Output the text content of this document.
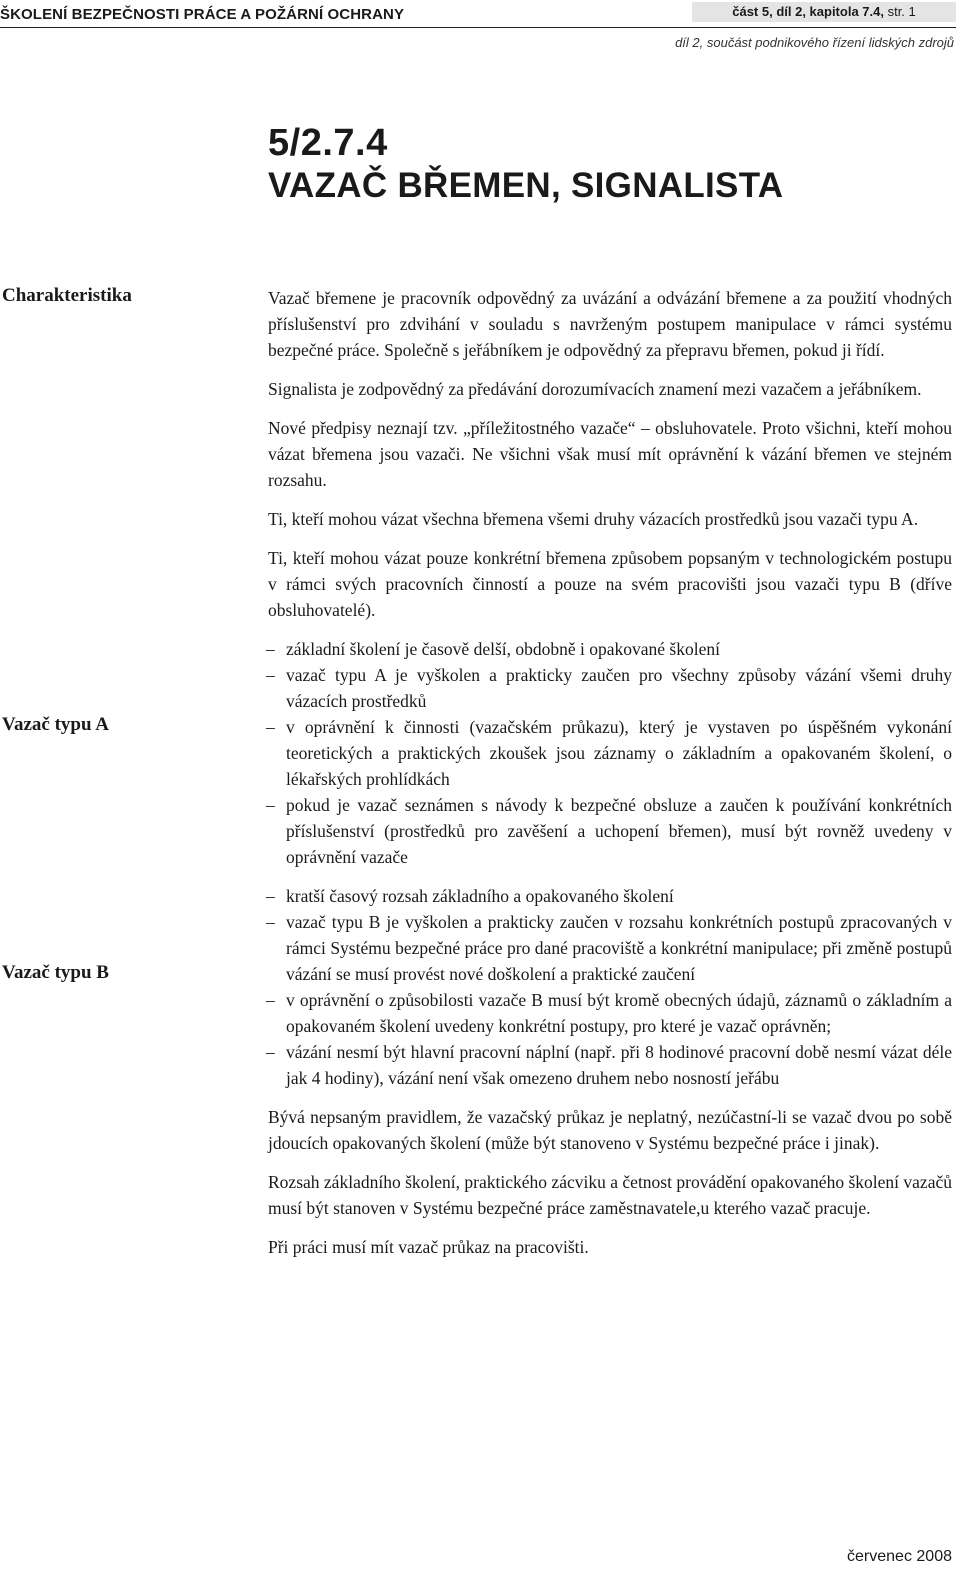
ŠKOLENÍ BEZPEČNOSTI PRÁCE A POŽÁRNÍ OCHRANY	část 5, díl 2, kapitola 7.4, str. 1
díl 2, součást podnikového řízení lidských zdrojů
5/2.7.4
VAZAČ BŘEMEN, SIGNALISTA
Charakteristika
Vazač typu A
Vazač typu B

Vazač břemene je pracovník odpovědný za uvázání a odvázání břemene a za použití vhodných příslušenství pro zdvihání v souladu s navrženým postupem manipulace v rámci systému bezpečné práce. Společně s jeřábníkem je odpovědný za přepravu břemen, pokud ji řídí.

Signalista je zodpovědný za předávání dorozumívacích znamení mezi vazačem a jeřábníkem.

Nové předpisy neznají tzv. „příležitostného vazače“ – obsluhovatele. Proto všichni, kteří mohou vázat břemena jsou vazači. Ne všichni však musí mít oprávnění k vázání břemen ve stejném rozsahu.

Ti, kteří mohou vázat všechna břemena všemi druhy vázacích prostředků jsou vazači typu A.

Ti, kteří mohou vázat pouze konkrétní břemena způsobem popsaným v technologickém postupu v rámci svých pracovních činností a pouze na svém pracovišti jsou vazači typu B (dříve obsluhovatelé).

– základní školení je časově delší, obdobně i opakované školení
– vazač typu A je vyškolen a prakticky zaučen pro všechny způsoby vázání všemi druhy vázacích prostředků
– v oprávnění k činnosti (vazačském průkazu), který je vystaven po úspěšném vykonání teoretických a praktických zkoušek jsou záznamy o základním a opakovaném školení, o lékařských prohlídkách
– pokud je vazač seznámen s návody k bezpečné obsluze a zaučen k používání konkrétních příslušenství (prostředků pro zavěšení a uchopení břemen), musí být rovněž uvedeny v oprávnění vazače
– kratší časový rozsah základního a opakovaného školení
– vazač typu B je vyškolen a prakticky zaučen v rozsahu konkrétních postupů zpracovaných v rámci Systému bezpečné práce pro dané pracoviště a konkrétní manipulace; při změně postupů vázání se musí provést nové doškolení a praktické zaučení
– v oprávnění o způsobilosti vazače B musí být kromě obecných údajů, záznamů o základním a opakovaném školení uvedeny konkrétní postupy, pro které je vazač oprávněn;
– vázání nesmí být hlavní pracovní náplní (např. při 8 hodinové pracovní době nesmí vázat déle jak 4 hodiny), vázání není však omezeno druhem nebo nosností jeřábu

Bývá nepsaným pravidlem, že vazačský průkaz je neplatný, nezúčastní-li se vazač dvou po sobě jdoucích opakovaných školení (může být stanoveno v Systému bezpečné práce i jinak).

Rozsah základního školení, praktického zácviku a četnost provádění opakovaného školení vazačů musí být stanoven v Systému bezpečné práce zaměstnavatele,u kterého vazač pracuje.

Při práci musí mít vazač průkaz na pracovišti.

červenec 2008
